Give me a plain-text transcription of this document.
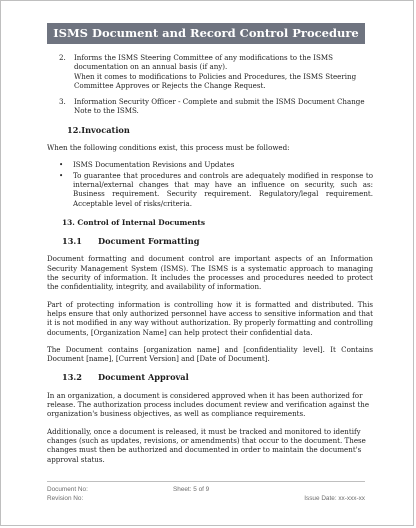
ISMS Document and Record Control Procedure
2.	Informs the ISMS Steering Committee of any modifications to the ISMS documentation on an annual basis (if any).

When it comes to modifications to Policies and Procedures, the ISMS Steering Committee Approves or Rejects the Change Request.

3.	Information Security Officer - Complete and submit the ISMS Document Change Note to the ISMS.

12.Invocation

When the following conditions exist, this process must be followed:

•	ISMS Documentation Revisions and Updates
•	To guarantee that procedures and controls are adequately modified in response to internal/external changes that may have an influence on security, such as: Business requirement. Security requirement. Regulatory/legal requirement. Acceptable level of risks/criteria.
13. Control of Internal Documents
13.1	Document Formatting

Document formatting and document control are important aspects of an Information Security Management System (ISMS). The ISMS is a systematic approach to managing the security of information. It includes the processes and procedures needed to protect the confidentiality, integrity, and availability of information.

Part of protecting information is controlling how it is formatted and distributed. This helps ensure that only authorized personnel have access to sensitive information and that it is not modified in any way without authorization. By properly formatting and controlling documents, [Organization Name] can help protect their confidential data.

The Document contains [organization name] and [confidentiality level]. It Contains Document [name], [Current Version] and [Date of Document].

13.2	Document Approval

In an organization, a document is considered approved when it has been authorized for release. The authorization process includes document review and verification against the organization's business objectives, as well as compliance requirements.

Additionally, once a document is released, it must be tracked and monitored to identify changes (such as updates, revisions, or amendments) that occur to the document. These changes must then be authorized and documented in order to maintain the document's approval status.

Document No:	Sheet: 5 of 9
Revision No:	Issue Date: xx-xxx-xx
